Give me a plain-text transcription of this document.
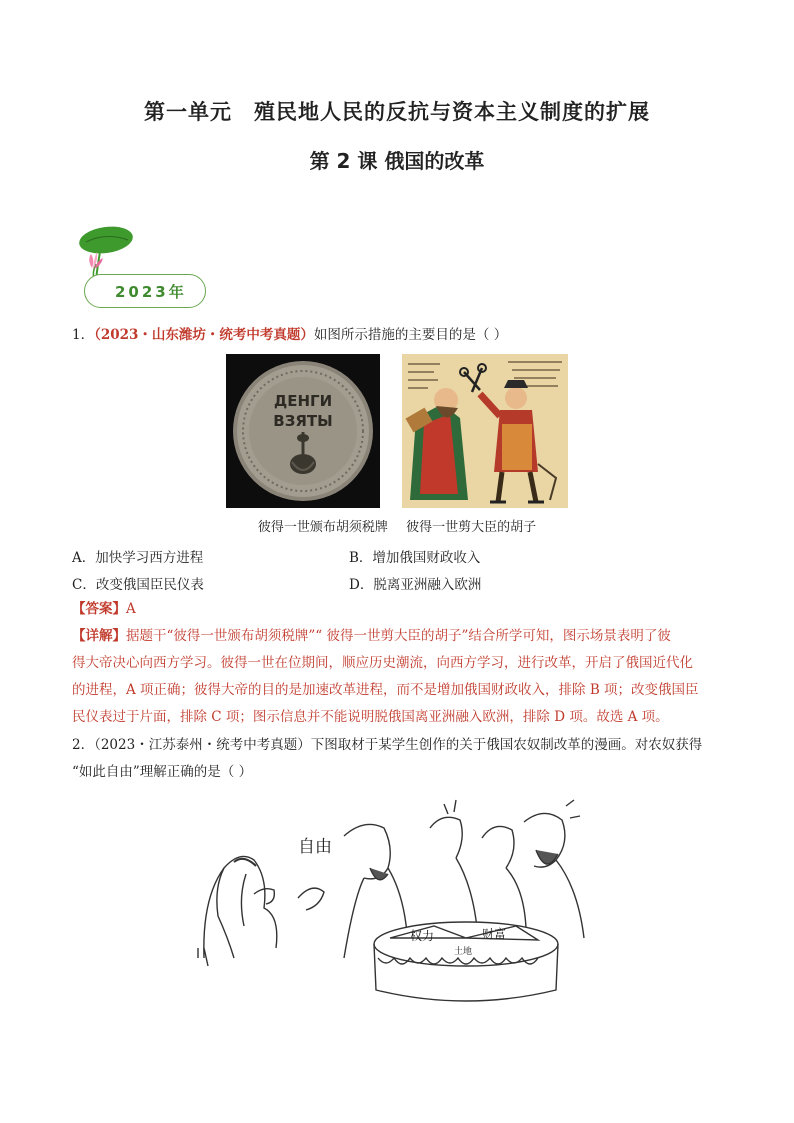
第一单元 殖民地人民的反抗与资本主义制度的扩展
第 2 课 俄国的改革
2023年
1．（2023・山东潍坊・统考中考真题）如图所示措施的主要目的是（ ）
ДЕНГИ
ВЗЯТЫ
彼得一世颁布胡须税牌 彼得一世剪大臣的胡子
A．加快学习西方进程	B．增加俄国财政收入
C．改变俄国臣民仪表	D．脱离亚洲融入欧洲
【答案】A
【详解】据题干“彼得一世颁布胡须税牌”“ 彼得一世剪大臣的胡子”结合所学可知，图示场景表明了彼
得大帝决心向西方学习。彼得一世在位期间，顺应历史潮流，向西方学习，进行改革，开启了俄国近代化
的进程，A 项正确；彼得大帝的目的是加速改革进程，而不是增加俄国财政收入，排除 B 项；改变俄国臣
民仪表过于片面，排除 C 项；图示信息并不能说明脱俄国离亚洲融入欧洲，排除 D 项。故选 A 项。
2．（2023・江苏泰州・统考中考真题）下图取材于某学生创作的关于俄国农奴制改革的漫画。对农奴获得
“如此自由”理解正确的是（ ）
自由
权力
土地
财富
